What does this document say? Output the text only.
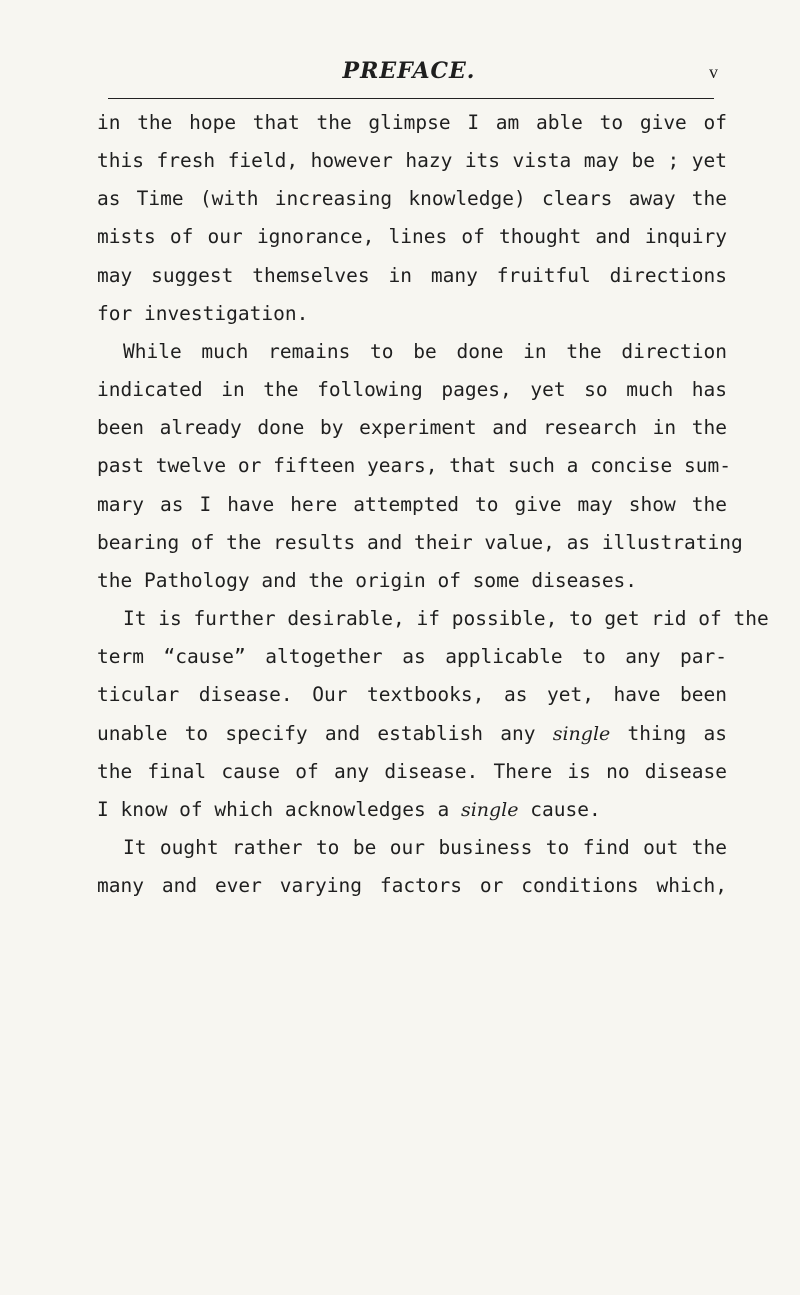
PREFACE.	v
in the hope that the glimpse I am able to give of
this fresh field, however hazy its vista may be ; yet
as Time (with increasing knowledge) clears away the
mists of our ignorance, lines of thought and inquiry
may suggest themselves in many fruitful directions
for investigation.
While much remains to be done in the direction
indicated in the following pages, yet so much has
been already done by experiment and research in the
past twelve or fifteen years, that such a concise sum-
mary as I have here attempted to give may show the
bearing of the results and their value, as illustrating
the Pathology and the origin of some diseases.
It is further desirable, if possible, to get rid of the
term “cause” altogether as applicable to any par-
ticular disease. Our textbooks, as yet, have been
unable to specify and establish any single thing as
the final cause of any disease. There is no disease
I know of which acknowledges a single cause.
It ought rather to be our business to find out the
many and ever varying factors or conditions which,
